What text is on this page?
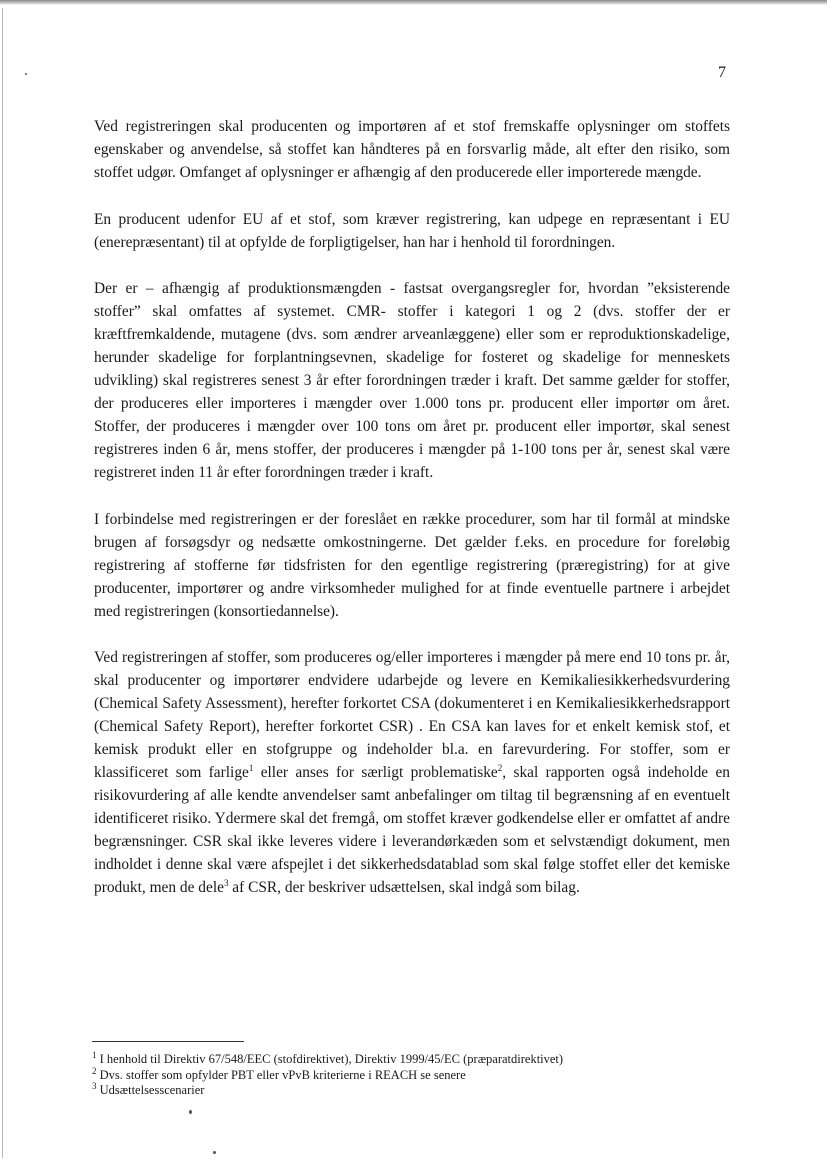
7

Ved registreringen skal producenten og importøren af et stof fremskaffe oplysninger om stoffets egenskaber og anvendelse, så stoffet kan håndteres på en forsvarlig måde, alt efter den risiko, som stoffet udgør. Omfanget af oplysninger er afhængig af den producerede eller importerede mængde.

En producent udenfor EU af et stof, som kræver registrering, kan udpege en repræsentant i EU (enerepræsentant) til at opfylde de forpligtigelser, han har i henhold til forordningen.

Der er – afhængig af produktionsmængden - fastsat overgangsregler for, hvordan ”eksisterende stoffer” skal omfattes af systemet. CMR- stoffer i kategori 1 og 2 (dvs. stoffer der er kræftfremkaldende, mutagene (dvs. som ændrer arveanlæggene) eller som er reproduktionskadelige, herunder skadelige for forplantningsevnen, skadelige for fosteret og skadelige for menneskets udvikling) skal registreres senest 3 år efter forordningen træder i kraft. Det samme gælder for stoffer, der produceres eller importeres i mængder over 1.000 tons pr. producent eller importør om året. Stoffer, der produceres i mængder over 100 tons om året pr. producent eller importør, skal senest registreres inden 6 år, mens stoffer, der produceres i mængder på 1-100 tons per år, senest skal være registreret inden 11 år efter forordningen træder i kraft.

I forbindelse med registreringen er der foreslået en række procedurer, som har til formål at mindske brugen af forsøgsdyr og nedsætte omkostningerne. Det gælder f.eks. en procedure for foreløbig registrering af stofferne før tidsfristen for den egentlige registrering (præregistring) for at give producenter, importører og andre virksomheder mulighed for at finde eventuelle partnere i arbejdet med registreringen (konsortiedannelse).

Ved registreringen af stoffer, som produceres og/eller importeres i mængder på mere end 10 tons pr. år, skal producenter og importører endvidere udarbejde og levere en Kemikaliesikkerhedsvurdering (Chemical Safety Assessment), herefter forkortet CSA (dokumenteret i en Kemikaliesikkerhedsrapport (Chemical Safety Report), herefter forkortet CSR) . En CSA kan laves for et enkelt kemisk stof, et kemisk produkt eller en stofgruppe og indeholder bl.a. en farevurdering. For stoffer, som er klassificeret som farlige$^1$ eller anses for særligt problematiske$^2$, skal rapporten også indeholde en risikovurdering af alle kendte anvendelser samt anbefalinger om tiltag til begrænsning af en eventuelt identificeret risiko. Ydermere skal det fremgå, om stoffet kræver godkendelse eller er omfattet af andre begrænsninger. CSR skal ikke leveres videre i leverandørkæden som et selvstændigt dokument, men indholdet i denne skal være afspejlet i det sikkerhedsdatablad som skal følge stoffet eller det kemiske produkt, men de dele$^3$ af CSR, der beskriver udsættelsen, skal indgå som bilag.

$^1$ I henhold til Direktiv 67/548/EEC (stofdirektivet), Direktiv 1999/45/EC (præparatdirektivet)
$^2$ Dvs. stoffer som opfylder PBT eller vPvB kriterierne i REACH se senere
$^3$ Udsættelsesscenarier
